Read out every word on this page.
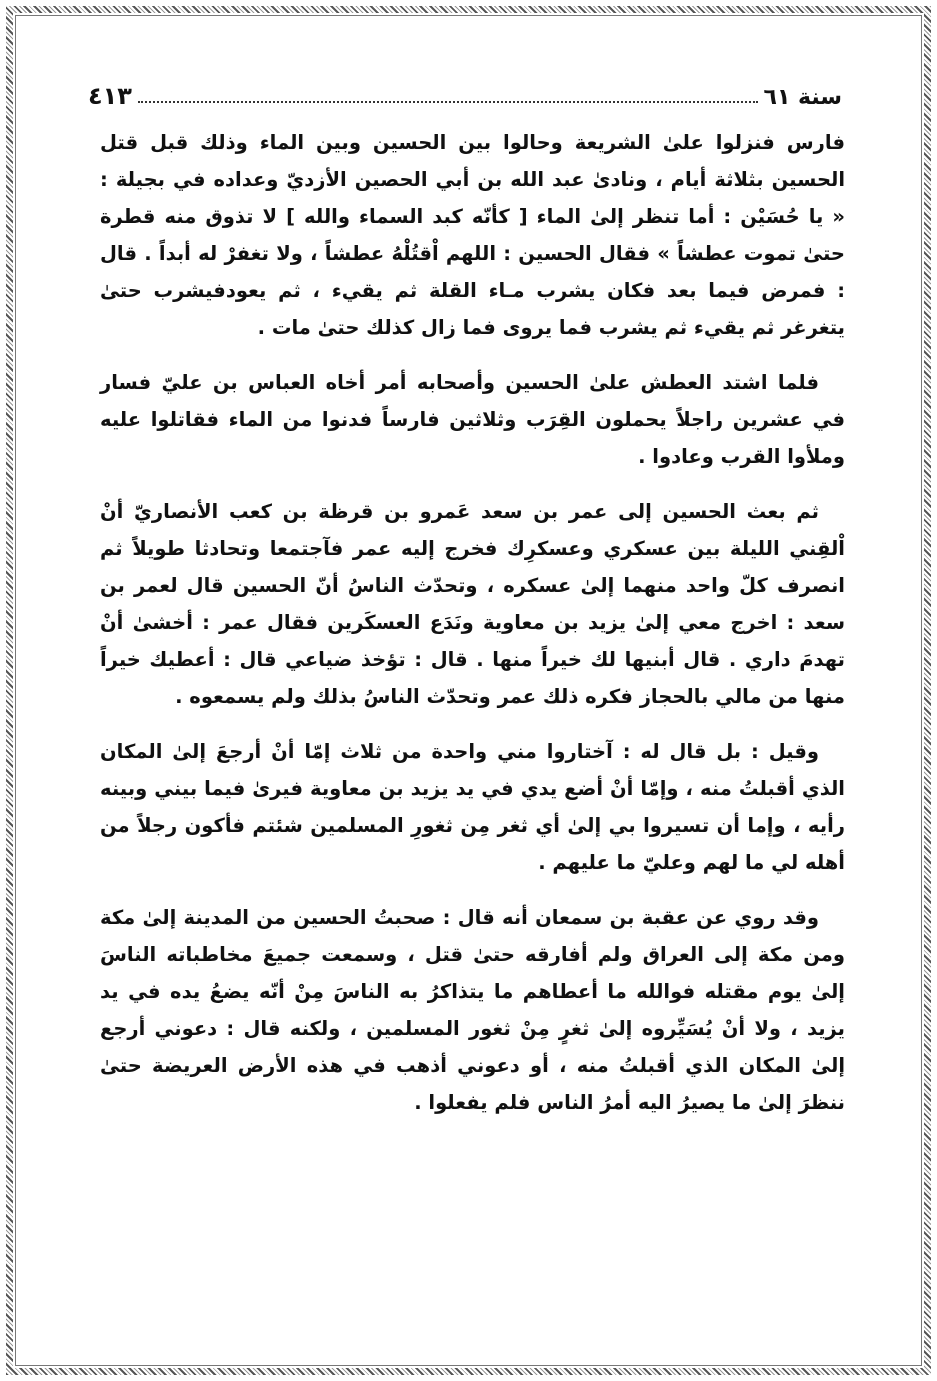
سنة ٦١
٤١٣

فارس فنزلوا علىٰ الشريعة وحالوا بين الحسين وبين الماء وذلك قبل قتل الحسين بثلاثة أيام ، ونادىٰ عبد الله بن أبي الحصين الأزديّ وعداده في بجيلة : « يا حُسَيْن : أما تنظر إلىٰ الماء [ كأنّه كبد السماء والله ] لا تذوق منه قطرة حتىٰ تموت عطشاً » فقال الحسين : اللهم اْقتُلْهُ عطشاً ، ولا تغفرْ له أبداً . قال : فمرض فيما بعد فكان يشرب مـاء القلة ثم يقيء ، ثم يعودفيشرب حتىٰ يتغرغر ثم يقيء ثم يشرب فما يروى فما زال كذلك حتىٰ مات .

فلما اشتد العطش علىٰ الحسين وأصحابه أمر أخاه العباس بن عليّ فسار في عشرين راجلاً يحملون القِرَب وثلاثين فارساً فدنوا من الماء فقاتلوا عليه وملأوا القرب وعادوا .

ثم بعث الحسين إلى عمر بن سعد عَمرو بن قرظة بن كعب الأنصاريّ أنْ اْلقِني الليلة بين عسكري وعسكرِك فخرج إليه عمر فآجتمعا وتحادثا طويلاً ثم انصرف كلّ واحد منهما إلىٰ عسكره ، وتحدّث الناسُ أنّ الحسين قال لعمر بن سعد : اخرج معي إلىٰ يزيد بن معاوية ونَدَع العسكَرين فقال عمر : أخشىٰ أنْ تهدمَ داري . قال أبنيها لك خيراً منها . قال : تؤخذ ضياعي قال : أعطيك خيراً منها من مالي بالحجاز فكره ذلك عمر وتحدّث الناسُ بذلك ولم يسمعوه .

وقيل : بل قال له : آختاروا مني واحدة من ثلاث إمّا أنْ أرجعَ إلىٰ المكان الذي أقبلتُ منه ، وإمّا أنْ أضع يدي في يد يزيد بن معاوية فيرىٰ فيما بيني وبينه رأيه ، وإما أن تسيروا بي إلىٰ أي ثغر مِن ثغورِ المسلمين شئتم فأكون رجلاً من أهله لي ما لهم وعليّ ما عليهم .

وقد روي عن عقبة بن سمعان أنه قال : صحبتُ الحسين من المدينة إلىٰ مكة ومن مكة إلى العراق ولم أفارقه حتىٰ قتل ، وسمعت جميعَ مخاطباته الناسَ إلىٰ يوم مقتله فوالله ما أعطاهم ما يتذاكرُ به الناسَ مِنْ أنّه يضعُ يده في يد يزيد ، ولا أنْ يُسَيِّروه إلىٰ ثغرٍ مِنْ ثغور المسلمين ، ولكنه قال : دعوني أرجع إلىٰ المكان الذي أقبلتُ منه ، أو دعوني أذهب في هذه الأرض العريضة حتىٰ ننظرَ إلىٰ ما يصيرُ اليه أمرُ الناس فلم يفعلوا .
